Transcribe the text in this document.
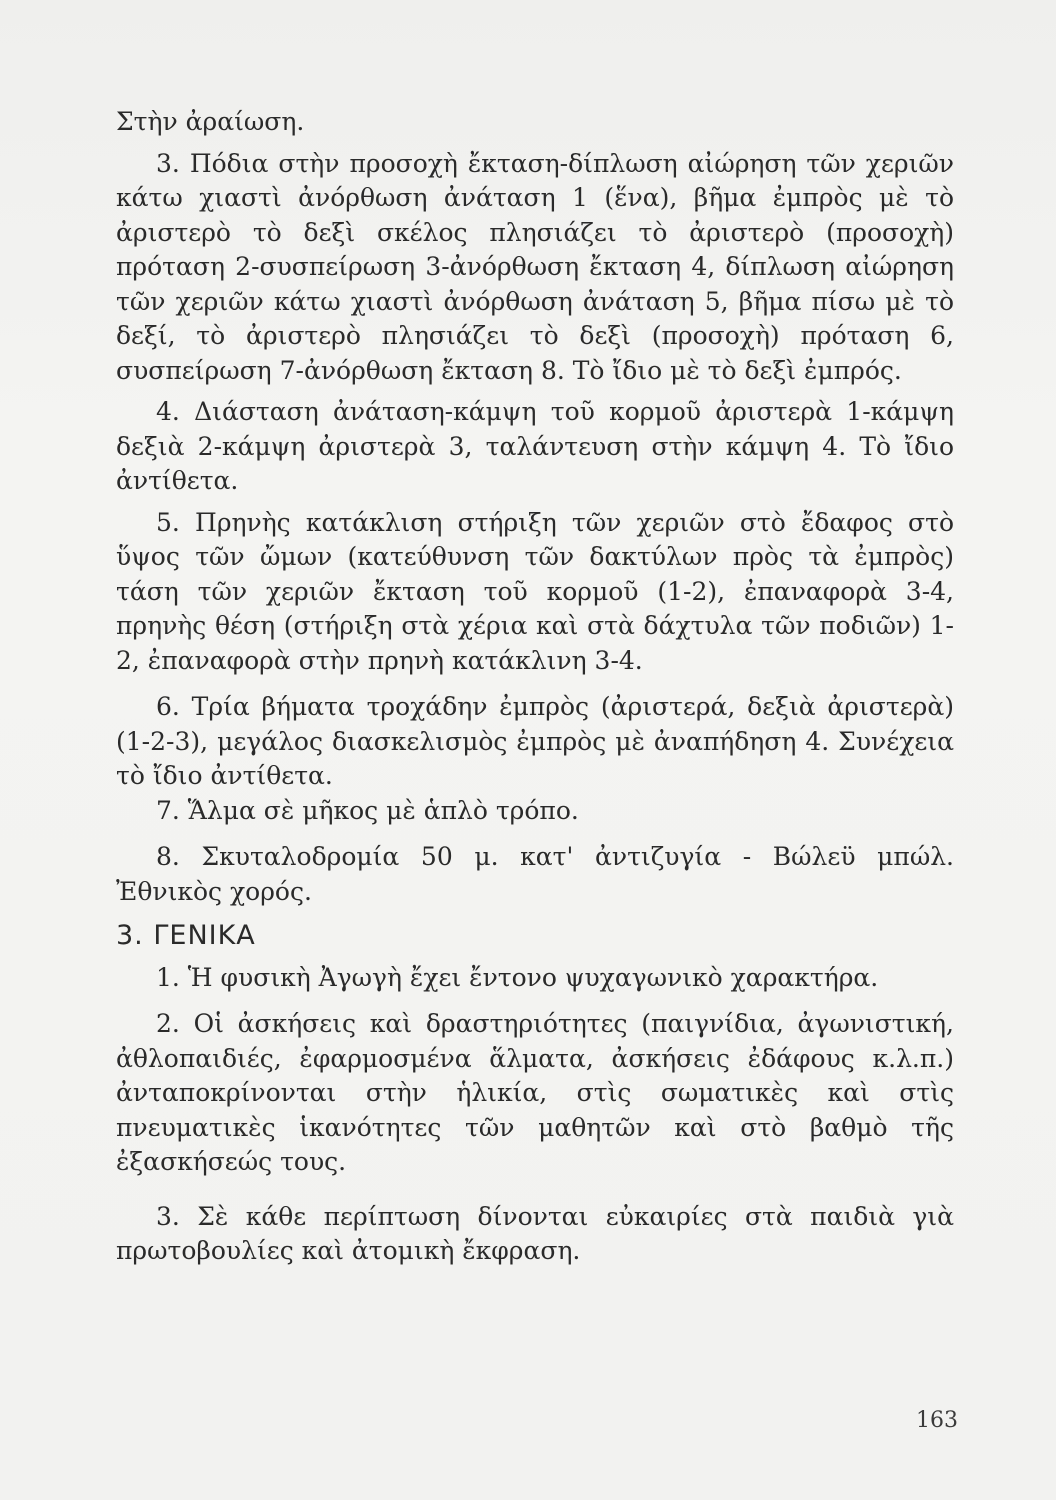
Στὴν ἀραίωση.

3. Πόδια στὴν προσοχὴ ἔκταση-δίπλωση αἰώρηση τῶν χεριῶν κάτω χιαστὶ ἀνόρθωση ἀνάταση 1 (ἕνα), βῆμα ἐμπρὸς μὲ τὸ ἀριστερὸ τὸ δεξὶ σκέλος πλησιάζει τὸ ἀριστερὸ (προσοχὴ) πρόταση 2-συσπείρωση 3-ἀνόρθωση ἔκταση 4, δίπλωση αἰώρηση τῶν χεριῶν κάτω χιαστὶ ἀνόρθωση ἀνάταση 5, βῆμα πίσω μὲ τὸ δεξί, τὸ ἀριστερὸ πλησιάζει τὸ δεξὶ (προσοχὴ) πρόταση 6, συσπείρωση 7-ἀνόρθωση ἔκταση 8. Τὸ ἴδιο μὲ τὸ δεξὶ ἐμπρός.

4. Διάσταση ἀνάταση-κάμψη τοῦ κορμοῦ ἀριστερὰ 1-κάμψη δεξιὰ 2-κάμψη ἀριστερὰ 3, ταλάντευση στὴν κάμψη 4. Τὸ ἴδιο ἀντίθετα.

5. Πρηνὴς κατάκλιση στήριξη τῶν χεριῶν στὸ ἔδαφος στὸ ὕψος τῶν ὤμων (κατεύθυνση τῶν δακτύλων πρὸς τὰ ἐμπρὸς) τάση τῶν χεριῶν ἔκταση τοῦ κορμοῦ (1-2), ἐπαναφορὰ 3-4, πρηνὴς θέση (στήριξη στὰ χέρια καὶ στὰ δάχτυλα τῶν ποδιῶν) 1-2, ἐπαναφορὰ στὴν πρηνὴ κατάκλινη 3-4.

6. Τρία βήματα τροχάδην ἐμπρὸς (ἀριστερά, δεξιὰ ἀριστερὰ) (1-2-3), μεγάλος διασκελισμὸς ἐμπρὸς μὲ ἀναπήδηση 4. Συνέχεια τὸ ἴδιο ἀντίθετα.

7. Ἅλμα σὲ μῆκος μὲ ἁπλὸ τρόπο.

8. Σκυταλοδρομία 50 μ. κατ' ἀντιζυγία - Βώλεϋ μπώλ. Ἐθνικὸς χορός.

3. ΓΕΝΙΚΑ

1. Ἡ φυσικὴ Ἀγωγὴ ἔχει ἔντονο ψυχαγωνικὸ χαρακτήρα.

2. Οἱ ἀσκήσεις καὶ δραστηριότητες (παιγνίδια, ἀγωνιστική, ἀθλοπαιδιές, ἐφαρμοσμένα ἅλματα, ἀσκήσεις ἐδάφους κ.λ.π.) ἀνταποκρίνονται στὴν ἡλικία, στὶς σωματικὲς καὶ στὶς πνευματικὲς ἱκανότητες τῶν μαθητῶν καὶ στὸ βαθμὸ τῆς ἐξασκήσεώς τους.

3. Σὲ κάθε περίπτωση δίνονται εὐκαιρίες στὰ παιδιὰ γιὰ πρωτοβουλίες καὶ ἀτομικὴ ἔκφραση.

163
